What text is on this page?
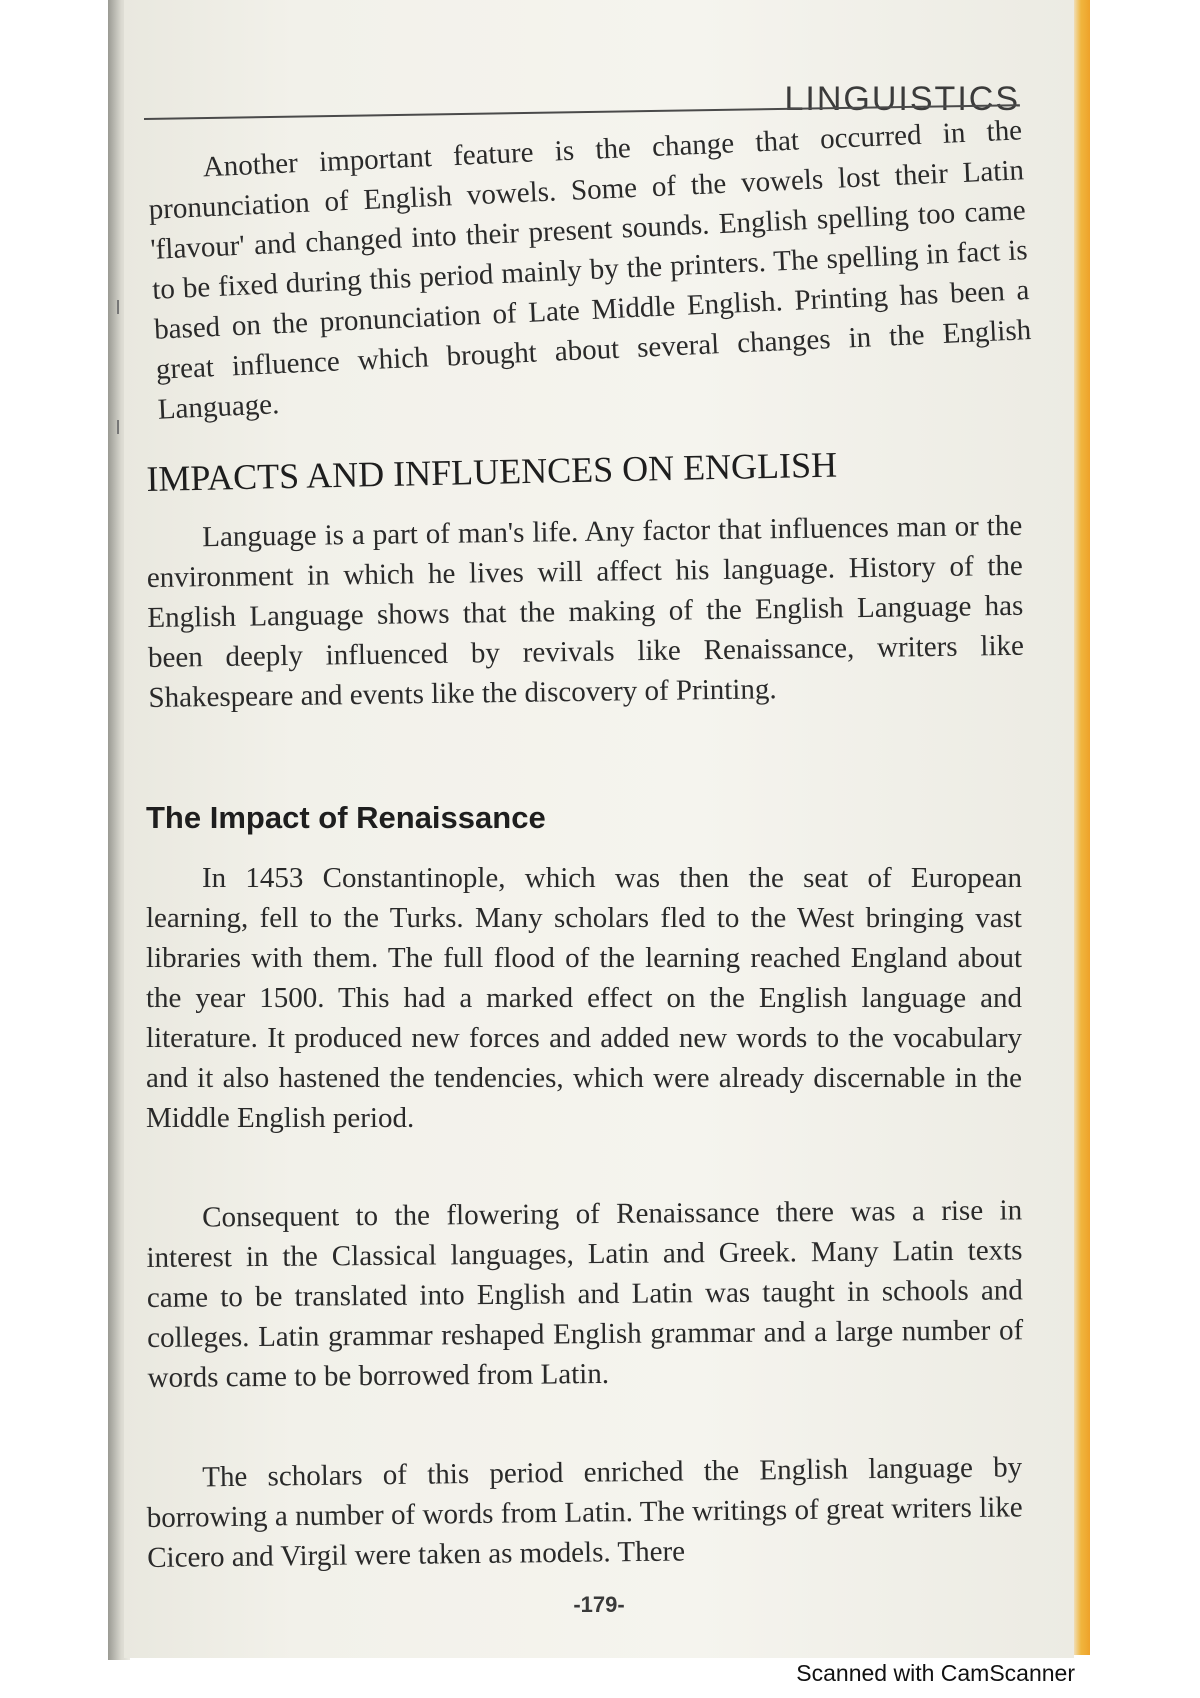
LINGUISTICS

Another important feature is the change that occurred in the pronunciation of English vowels. Some of the vowels lost their Latin 'flavour' and changed into their present sounds. English spelling too came to be fixed during this period mainly by the printers. The spelling in fact is based on the pronunciation of Late Middle English. Printing has been a great influence which brought about several changes in the English Language.

IMPACTS AND INFLUENCES ON ENGLISH

Language is a part of man's life. Any factor that influences man or the environment in which he lives will affect his language. History of the English Language shows that the making of the English Language has been deeply influenced by revivals like Renaissance, writers like Shakespeare and events like the discovery of Printing.

The Impact of Renaissance

In 1453 Constantinople, which was then the seat of European learning, fell to the Turks. Many scholars fled to the West bringing vast libraries with them. The full flood of the learning reached England about the year 1500. This had a marked effect on the English language and literature. It produced new forces and added new words to the vocabulary and it also hastened the tendencies, which were already discernable in the Middle English period.

Consequent to the flowering of Renaissance there was a rise in interest in the Classical languages, Latin and Greek. Many Latin texts came to be translated into English and Latin was taught in schools and colleges. Latin grammar reshaped English grammar and a large number of words came to be borrowed from Latin.

The scholars of this period enriched the English language by borrowing a number of words from Latin. The writings of great writers like Cicero and Virgil were taken as models. There

-179-
Scanned with CamScanner
